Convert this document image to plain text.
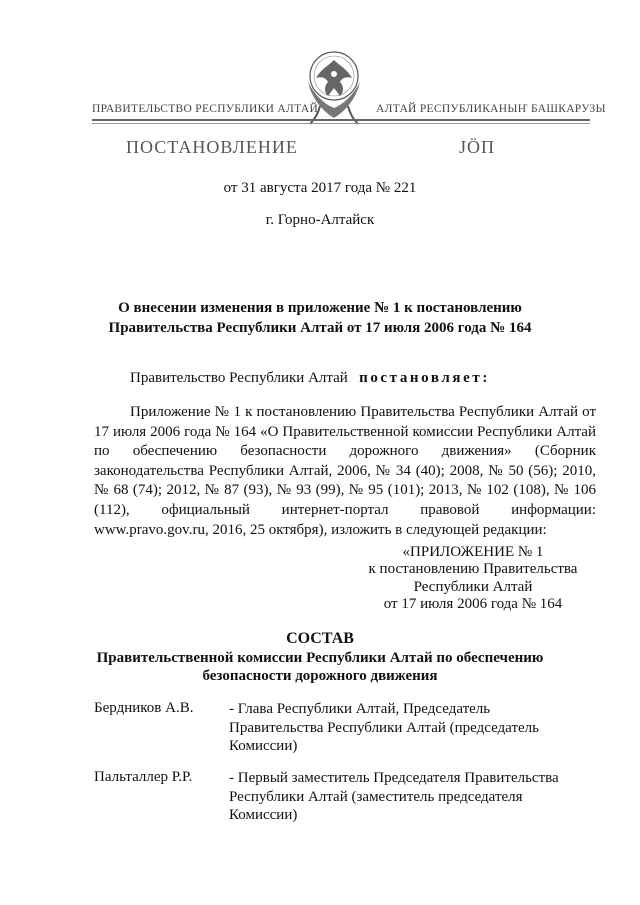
ПРАВИТЕЛЬСТВО РЕСПУБЛИКИ АЛТАЙ	АЛТАЙ РЕСПУБЛИКАНЫҤ БАШКАРУЗЫ
ПОСТАНОВЛЕНИЕ	JÖП
от 31 августа 2017 года № 221
г. Горно-Алтайск
О внесении изменения в приложение № 1 к постановлению
Правительства Республики Алтай от 17 июля 2006 года № 164
Правительство Республики Алтай постановляет:
Приложение № 1 к постановлению Правительства Республики Алтай от 17 июля 2006 года № 164 «О Правительственной комиссии Республики Алтай по обеспечению безопасности дорожного движения» (Сборник законодательства Республики Алтай, 2006, № 34 (40); 2008, № 50 (56); 2010, № 68 (74); 2012, № 87 (93), № 93 (99), № 95 (101); 2013, № 102 (108), № 106 (112), официальный интернет-портал правовой информации: www.pravo.gov.ru, 2016, 25 октября), изложить в следующей редакции:
«ПРИЛОЖЕНИЕ № 1
к постановлению Правительства
Республики Алтай
от 17 июля 2006 года № 164
СОСТАВ
Правительственной комиссии Республики Алтай по обеспечению
безопасности дорожного движения
Бердников А.В. - Глава Республики Алтай, Председатель
Правительства Республики Алтай (председатель
Комиссии)
Пальталлер Р.Р. - Первый заместитель Председателя Правительства
Республики Алтай (заместитель председателя
Комиссии)
